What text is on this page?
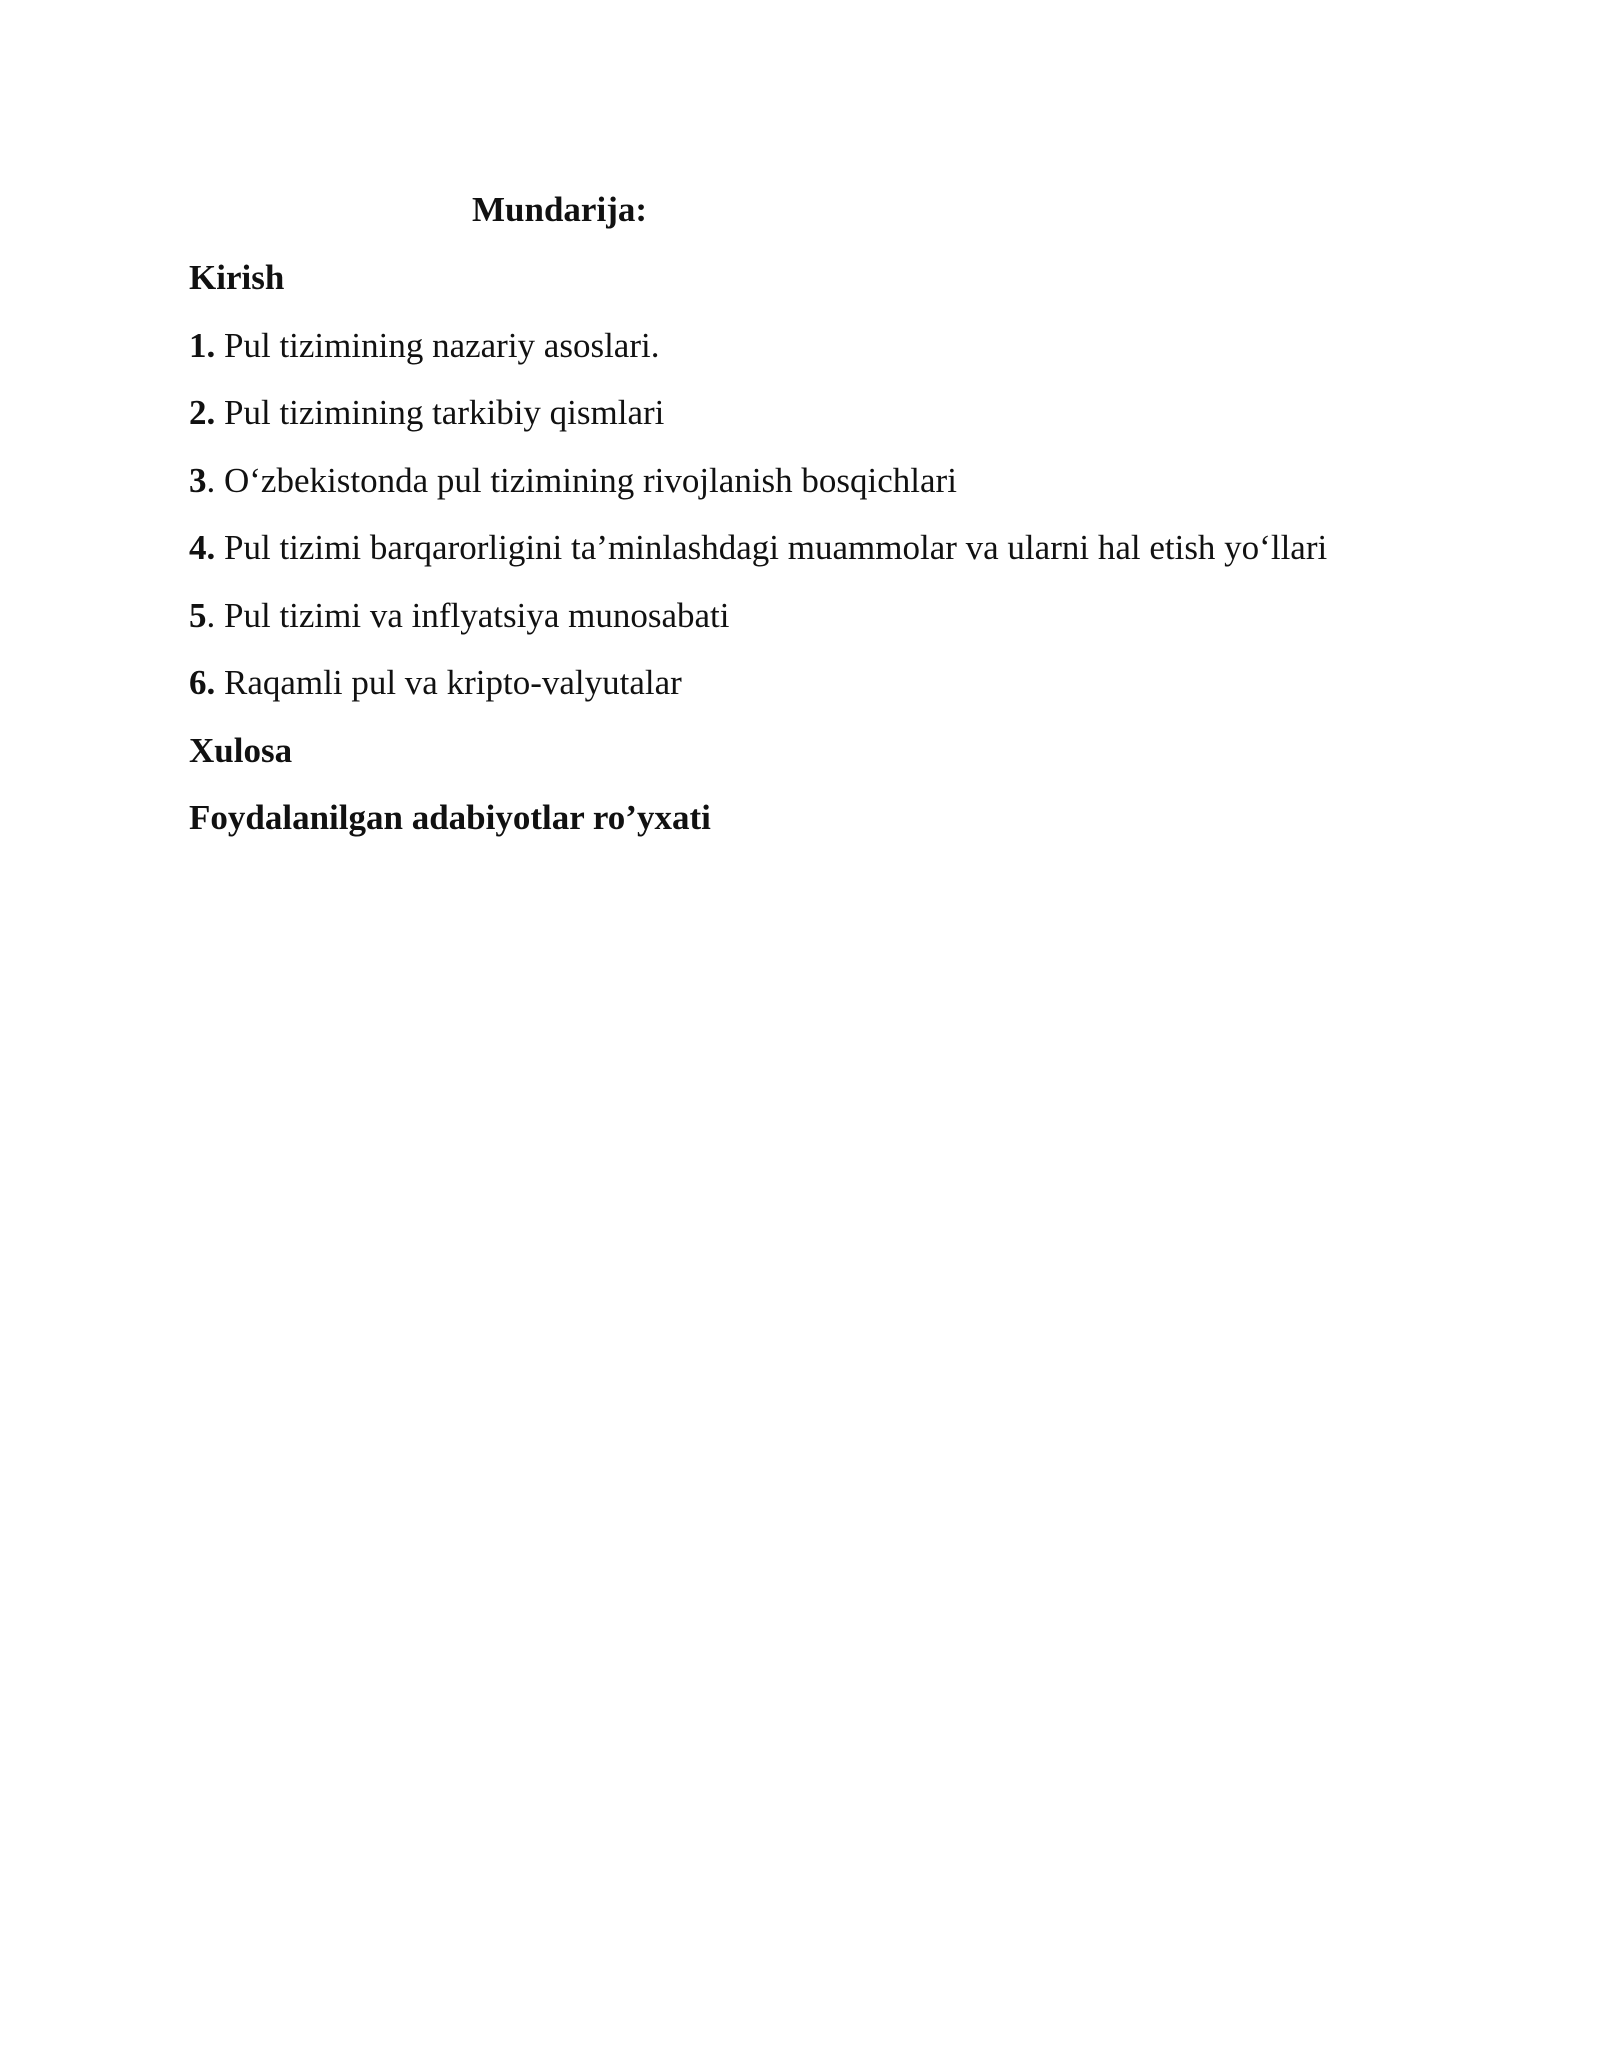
Mundarija:
Kirish
1. Pul tizimining nazariy asoslari.
2. Pul tizimining tarkibiy qismlari
3. O‘zbekistonda pul tizimining rivojlanish bosqichlari
4. Pul tizimi barqarorligini ta’minlashdagi muammolar va ularni hal etish yo‘llari
5. Pul tizimi va inflyatsiya munosabati
6. Raqamli pul va kripto-valyutalar
Xulosa
Foydalanilgan adabiyotlar ro’yxati
